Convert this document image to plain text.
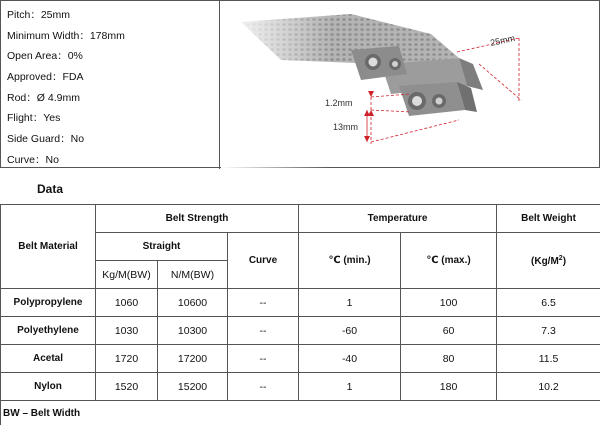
Pitch：25mm
Minimum Width：178mm
Open Area：0%
Approved：FDA
Rod：Ø 4.9mm
Flight：Yes
Side Guard：No
Curve：No
25mm
1.2mm
13mm
Data
Belt Material	Belt Strength			Temperature		Belt Weight
	Straight		Curve	℃ (min.)	℃ (max.)	$(Kg/M^2)$
	Kg/M(BW)	N/M(BW)				
Polypropylene	1060	10600	--	1	100	6.5
Polyethylene	1030	10300	--	-60	60	7.3
Acetal	1720	17200	--	-40	80	11.5
Nylon	1520	15200	--	1	180	10.2
BW – Belt Width						
